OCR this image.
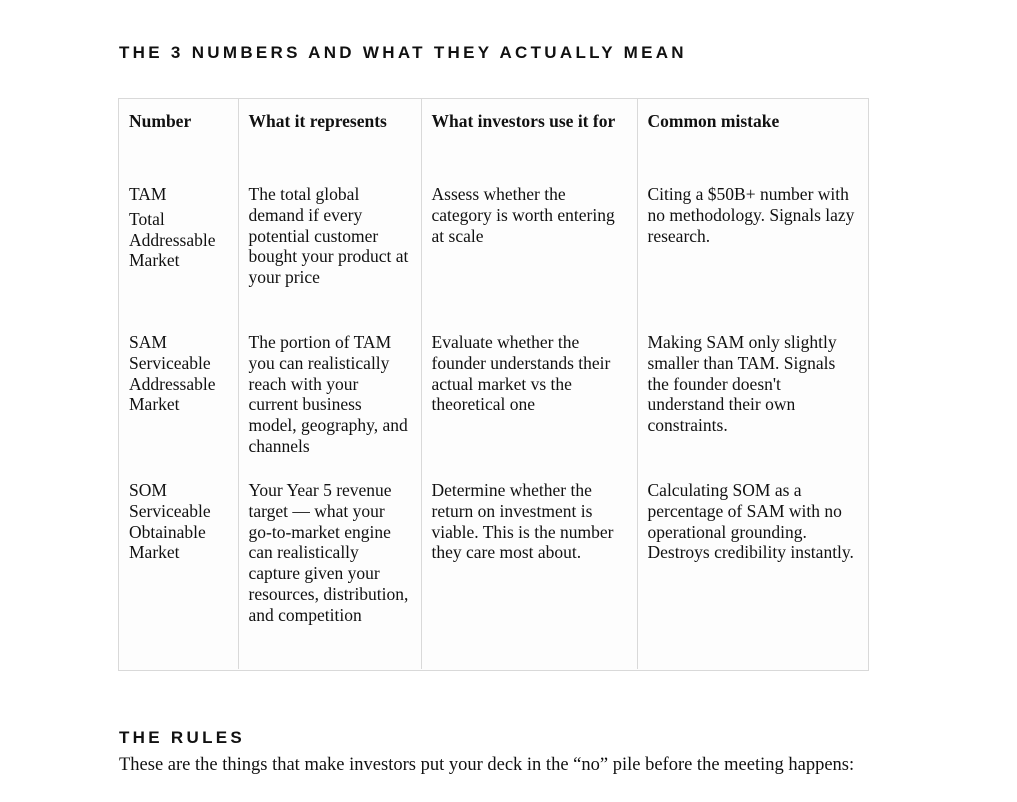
THE 3 NUMBERS AND WHAT THEY ACTUALLY MEAN
Number	What it represents	What investors use it for	Common mistake

TAM
Total Addressable Market	The total global demand if every potential customer bought your product at your price	Assess whether the category is worth entering at scale	Citing a $50B+ number with no methodology. Signals lazy research.

SAM
Serviceable Addressable Market	The portion of TAM you can realistically reach with your current business model, geography, and channels	Evaluate whether the founder understands their actual market vs the theoretical one	Making SAM only slightly smaller than TAM. Signals the founder doesn't understand their own constraints.

SOM
Serviceable Obtainable Market	Your Year 5 revenue target — what your go-to-market engine can realistically capture given your resources, distribution, and competition	Determine whether the return on investment is viable. This is the number they care most about.	Calculating SOM as a percentage of SAM with no operational grounding. Destroys credibility instantly.
THE RULES

These are the things that make investors put your deck in the “no” pile before the meeting happens:
